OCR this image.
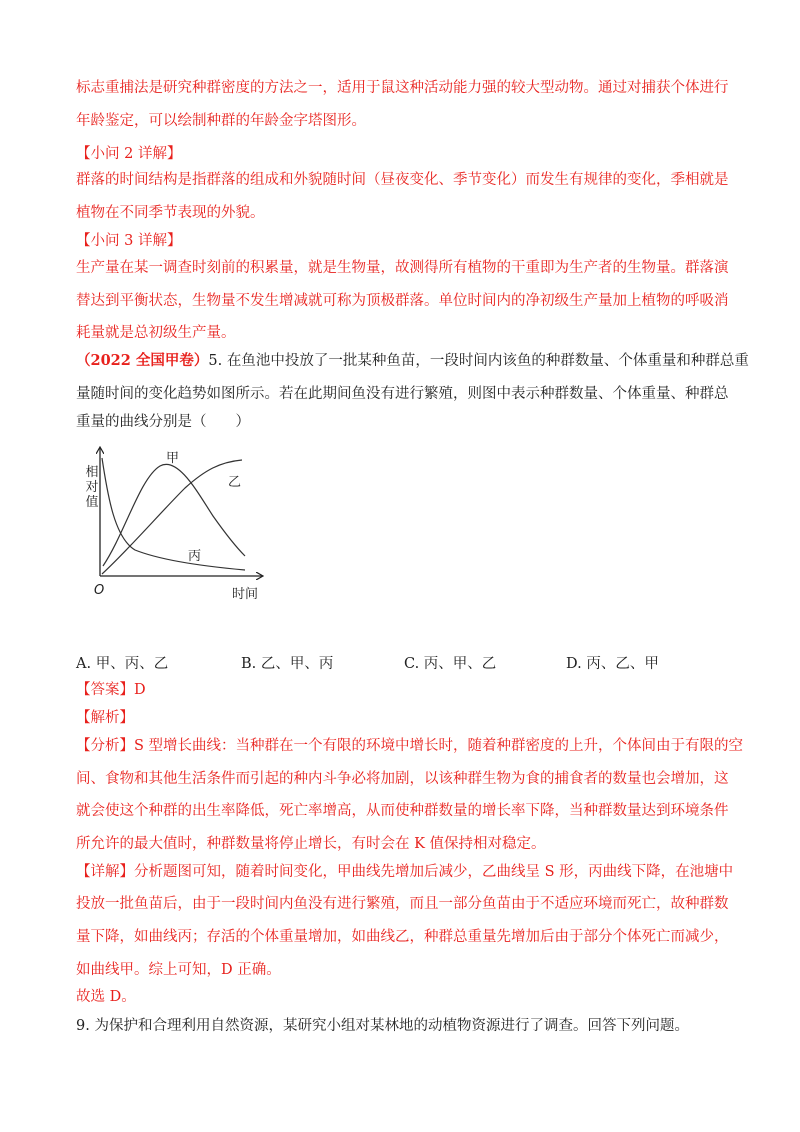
标志重捕法是研究种群密度的方法之一，适用于鼠这种活动能力强的较大型动物。通过对捕获个体进行
年龄鉴定，可以绘制种群的年龄金字塔图形。
【小问 2 详解】
群落的时间结构是指群落的组成和外貌随时间（昼夜变化、季节变化）而发生有规律的变化，季相就是
植物在不同季节表现的外貌。
【小问 3 详解】
生产量在某一调查时刻前的积累量，就是生物量，故测得所有植物的干重即为生产者的生物量。群落演
替达到平衡状态，生物量不发生增减就可称为顶极群落。单位时间内的净初级生产量加上植物的呼吸消
耗量就是总初级生产量。
（2022 全国甲卷）5. 在鱼池中投放了一批某种鱼苗，一段时间内该鱼的种群数量、个体重量和种群总重
量随时间的变化趋势如图所示。若在此期间鱼没有进行繁殖，则图中表示种群数量、个体重量、种群总
重量的曲线分别是（　　）
相
对
值
时间
O
甲
乙
丙
A. 甲、丙、乙	B. 乙、甲、丙	C. 丙、甲、乙	D. 丙、乙、甲
【答案】D
【解析】
【分析】S 型增长曲线：当种群在一个有限的环境中增长时，随着种群密度的上升，个体间由于有限的空
间、食物和其他生活条件而引起的种内斗争必将加剧，以该种群生物为食的捕食者的数量也会增加，这
就会使这个种群的出生率降低，死亡率增高，从而使种群数量的增长率下降，当种群数量达到环境条件
所允许的最大值时，种群数量将停止增长，有时会在 K 值保持相对稳定。
【详解】分析题图可知，随着时间变化，甲曲线先增加后减少，乙曲线呈 S 形，丙曲线下降，在池塘中
投放一批鱼苗后，由于一段时间内鱼没有进行繁殖，而且一部分鱼苗由于不适应环境而死亡，故种群数
量下降，如曲线丙；存活的个体重量增加，如曲线乙，种群总重量先增加后由于部分个体死亡而减少，
如曲线甲。综上可知，D 正确。
故选 D。
9. 为保护和合理利用自然资源，某研究小组对某林地的动植物资源进行了调查。回答下列问题。
